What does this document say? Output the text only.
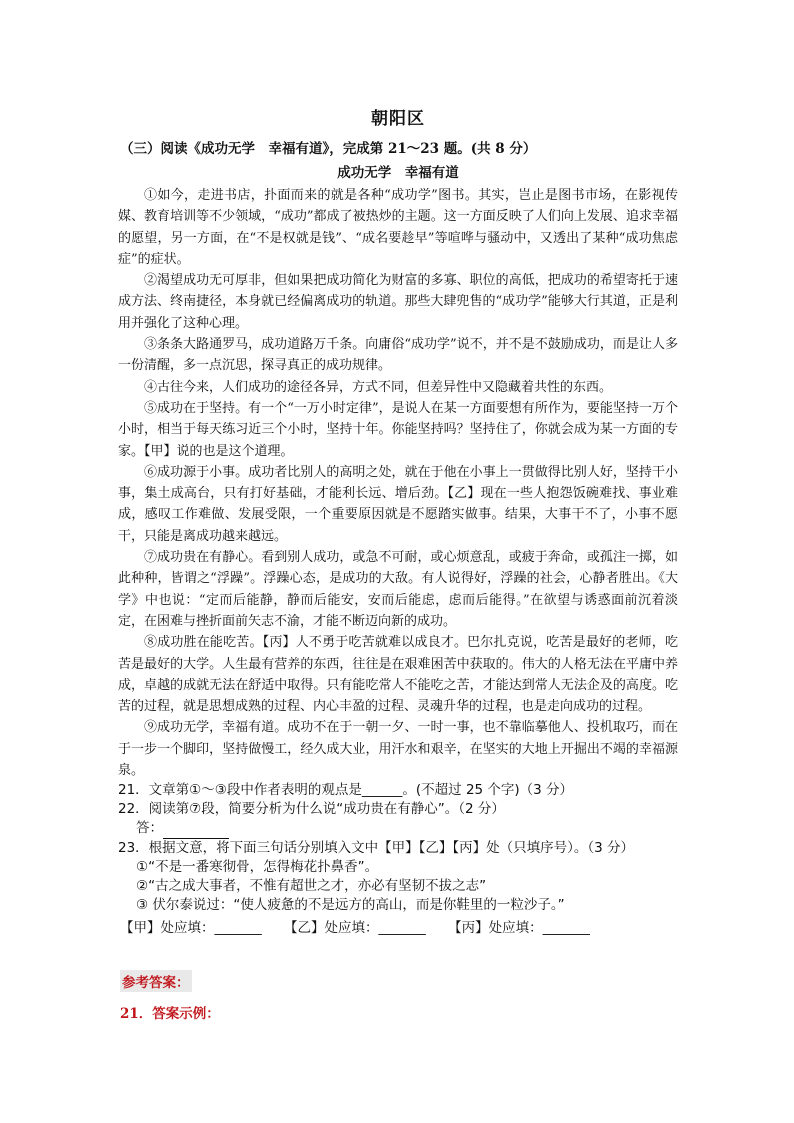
朝阳区
（三）阅读《成功无学　幸福有道》，完成第 21～23 题。(共 8 分）
成功无学　幸福有道

①如今，走进书店，扑面而来的就是各种“成功学”图书。其实，岂止是图书市场，在影视传媒、教育培训等不少领域，“成功”都成了被热炒的主题。这一方面反映了人们向上发展、追求幸福的愿望，另一方面，在“不是权就是钱”、“成名要趁早”等喧哗与骚动中，又透出了某种“成功焦虑症”的症状。

②渴望成功无可厚非，但如果把成功简化为财富的多寡、职位的高低，把成功的希望寄托于速成方法、终南捷径，本身就已经偏离成功的轨道。那些大肆兜售的“成功学”能够大行其道，正是利用并强化了这种心理。

③条条大路通罗马，成功道路万千条。向庸俗“成功学”说不，并不是不鼓励成功，而是让人多一份清醒，多一点沉思，探寻真正的成功规律。

④古往今来，人们成功的途径各异，方式不同，但差异性中又隐藏着共性的东西。

⑤成功在于坚持。有一个“一万小时定律”，是说人在某一方面要想有所作为，要能坚持一万个小时，相当于每天练习近三个小时，坚持十年。你能坚持吗？坚持住了，你就会成为某一方面的专家。【甲】说的也是这个道理。

⑥成功源于小事。成功者比别人的高明之处，就在于他在小事上一贯做得比别人好，坚持干小事，集土成高台，只有打好基础，才能利长远、增后劲。【乙】现在一些人抱怨饭碗难找、事业难成，感叹工作难做、发展受限，一个重要原因就是不愿踏实做事。结果，大事干不了，小事不愿干，只能是离成功越来越远。

⑦成功贵在有静心。看到别人成功，或急不可耐，或心烦意乱，或疲于奔命，或孤注一掷，如此种种，皆谓之“浮躁”。浮躁心态，是成功的大敌。有人说得好，浮躁的社会，心静者胜出。《大学》中也说：“定而后能静，静而后能安，安而后能虑，虑而后能得。”在欲望与诱惑面前沉着淡定，在困难与挫折面前矢志不渝，才能不断迈向新的成功。

⑧成功胜在能吃苦。【丙】人不勇于吃苦就难以成良才。巴尔扎克说，吃苦是最好的老师，吃苦是最好的大学。人生最有营养的东西，往往是在艰难困苦中获取的。伟大的人格无法在平庸中养成，卓越的成就无法在舒适中取得。只有能吃常人不能吃之苦，才能达到常人无法企及的高度。吃苦的过程，就是思想成熟的过程、内心丰盈的过程、灵魂升华的过程，也是走向成功的过程。

⑨成功无学，幸福有道。成功不在于一朝一夕、一时一事，也不靠临摹他人、投机取巧，而在于一步一个脚印，坚持做慢工，经久成大业，用汗水和艰辛，在坚实的大地上开掘出不竭的幸福源泉。

21．文章第①～③段中作者表明的观点是______。(不超过 25 个字)（3 分）

22．阅读第⑦段，简要分析为什么说“成功贵在有静心”。（2 分）

答：

23．根据文意，将下面三句话分别填入文中【甲】【乙】【丙】处（只填序号）。（3 分）

①“不是一番寒彻骨，怎得梅花扑鼻香”。

②“古之成大事者，不惟有超世之才，亦必有坚韧不拔之志”

③ 伏尔泰说过：“使人疲惫的不是远方的高山，而是你鞋里的一粒沙子。”

【甲】处应填：_______ 【乙】处应填：_______ 【丙】处应填：_______

参考答案：
21．答案示例：
